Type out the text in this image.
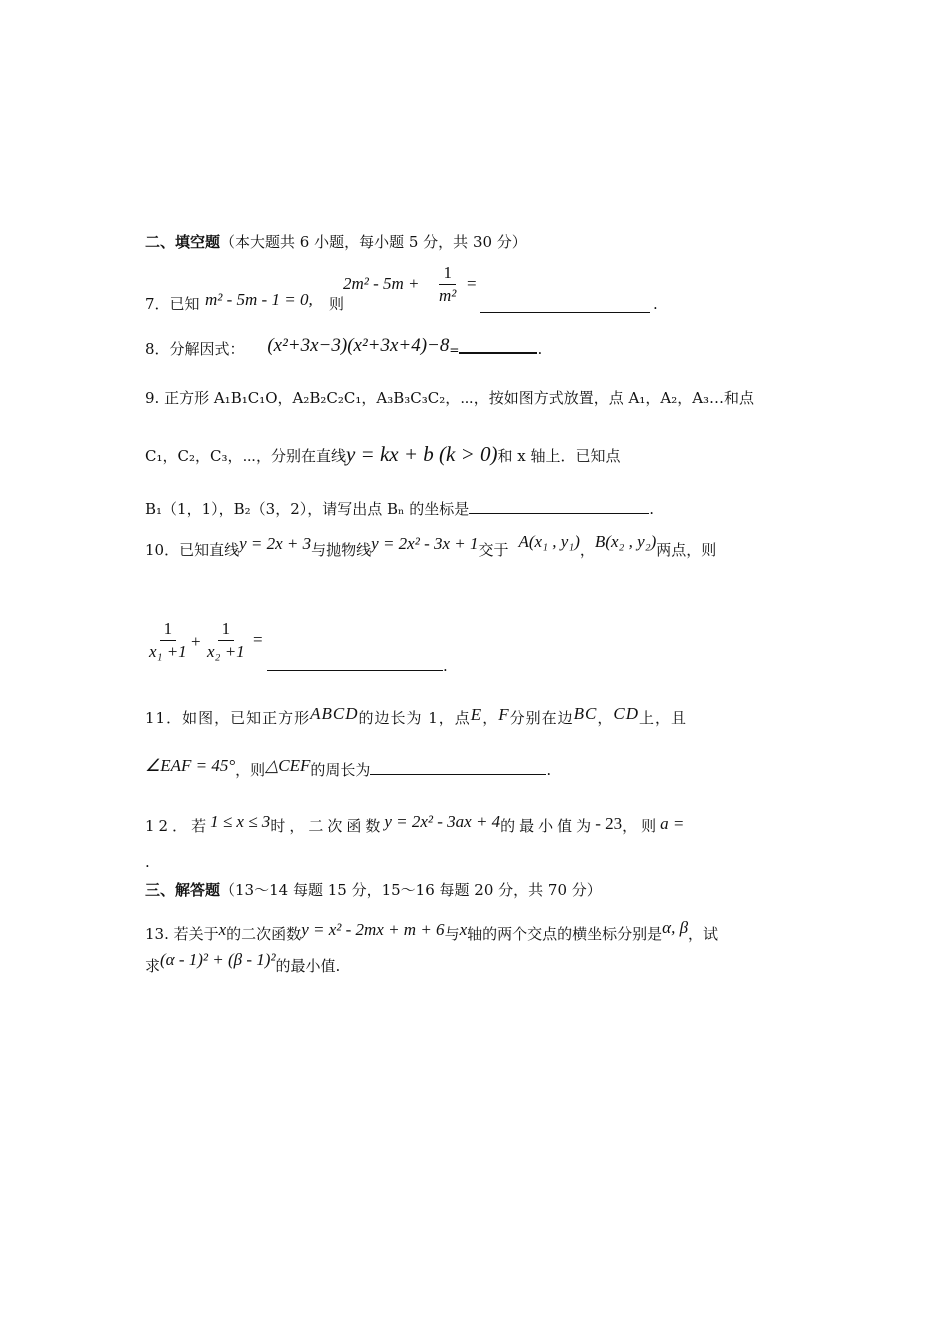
二、填空题（本大题共 6 小题，每小题 5 分，共 30 分）
7．已知 m² - 5m - 1 = 0, 则
$2m^2 - 5m + \frac{1}{\text{m²}}$ =
.
8．分解因式： (x²+3x−3)(x²+3x+4)−8=	.
9. 正方形 A₁B₁C₁O，A₂B₂C₂C₁，A₃B₃C₃C₂，⋯，按如图方式放置，点 A₁，A₂，A₃…和点
C₁，C₂，C₃，⋯，分别在直线y = kx + b (k > 0)和 x 轴上．已知点
B₁（1，1），B₂（3，2），请写出点 Bₙ 的坐标是	.
10．已知直线y = 2x + 3与抛物线y = 2x² - 3x + 1交于 A(x₁ , y₁)，B(x₂ , y₂)两点，则
$\frac{1}{\text{x₁ +1}} + \frac{1}{\text{x₂ +1}}$ =
.
11．如图，已知正方形ABCD的边长为 1，点E，F分别在边BC，CD上，且
∠EAF = 45°，则△CEF的周长为	.
12．若1 ≤ x ≤ 3时，二次函数y = 2x² - 3ax + 4的最小值为- 23，则a =
.
三、解答题（13～14 每题 15 分，15～16 每题 20 分，共 70 分）
13. 若关于x的二次函数y = x² - 2mx + m + 6与x轴的两个交点的横坐标分别是α, β，试
求(α - 1)² + (β - 1)²的最小值.
